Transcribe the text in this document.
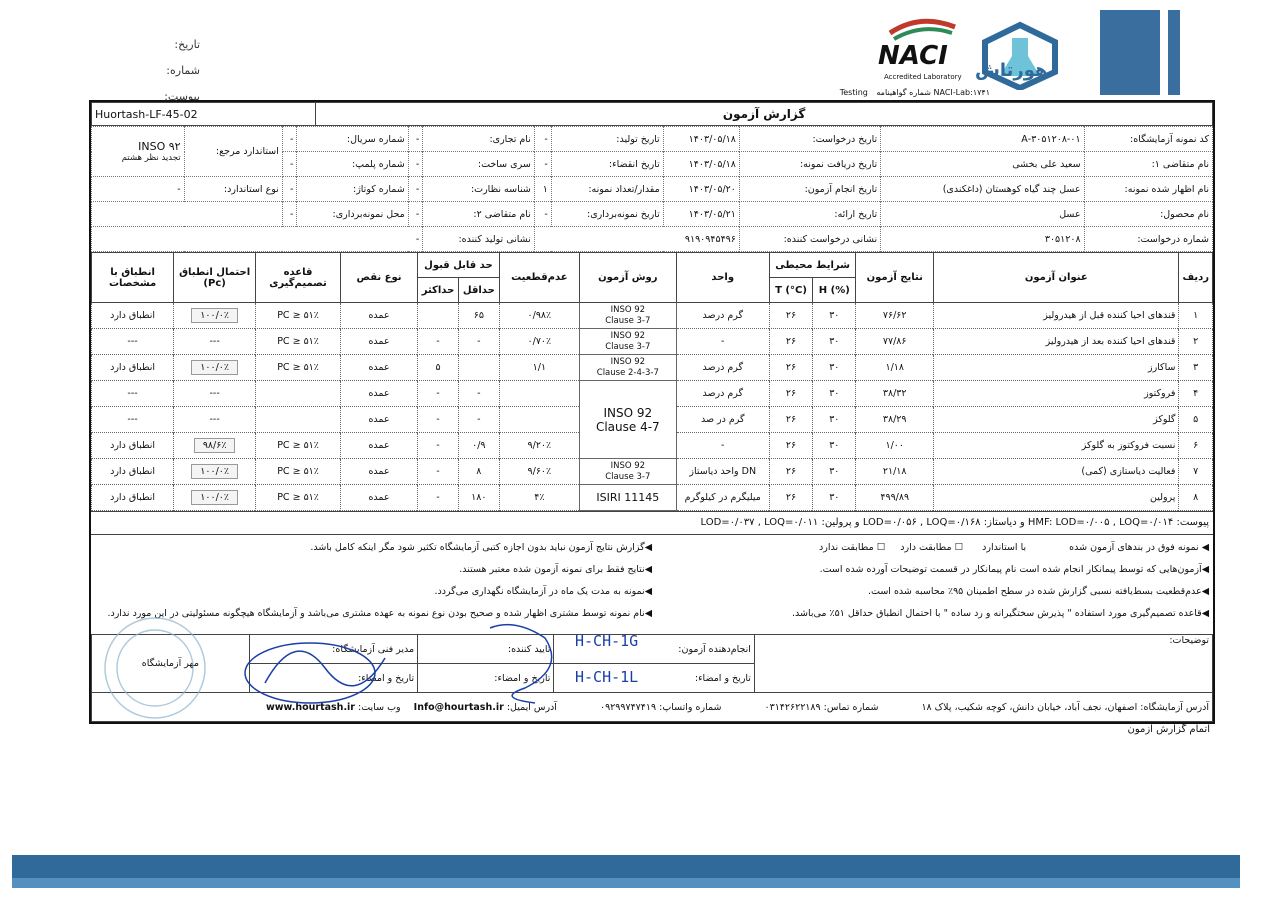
تاریخ:
شماره:
پیوست:
NACI
Accredited Laboratory
NACI-Lab:۱۷۴۱ شماره گواهینامه Testing
هورتاش
گزارش آزمون	Huortash-LF-45-02
کد نمونه آزمایشگاه:	۳۰۵۱۲۰۸-۰۱-A	تاریخ درخواست:	۱۴۰۳/۰۵/۱۸	تاریخ تولید:	-	نام تجاری:	-	شماره سریال:	-	استاندارد مرجع:	INSO ۹۲
تجدید نظر هشتم

نام متقاضی ۱:	سعید علی بخشی	تاریخ دریافت نمونه:	۱۴۰۳/۰۵/۱۸	تاریخ انقضاء:	-	سری ساخت:	-	شماره پلمپ:	-		
نام اظهار شده نمونه:	عسل چند گیاه کوهستان (داغکندی)	تاریخ انجام آزمون:	۱۴۰۳/۰۵/۲۰	مقدار/تعداد نمونه:	۱	شناسه نظارت:	-	شماره کوتاژ:	-	نوع استاندارد:	-
نام محصول:	عسل	تاریخ ارائه:	۱۴۰۳/۰۵/۲۱	تاریخ نمونه‌برداری:	-	نام متقاضی ۲:	-	محل نمونه‌برداری:	-		
شماره درخواست:	۳۰۵۱۲۰۸	نشانی درخواست کننده:	۹۱۹۰۹۴۵۴۹۶			نشانی تولید کننده:	-				
ردیف	عنوان آزمون	نتایج آزمون	شرایط محیطی		واحد	روش آزمون	عدم‌قطعیت	حد قابل قبول		نوع نقص	قاعده تصمیم‌گیری	احتمال انطباق (Pc)	انطباق با مشخصات
			H (%)	T (°C)				حداقل	حداکثر				
۱	قندهای احیا کننده قبل از هیدرولیز	۷۶/۶۲	۳۰	۲۶	گرم درصد	INSO 92
Clause 3-7	۰/۹۸٪	۶۵		عمده	PC ≥ ۵۱٪	۱۰۰/۰٪	انطباق دارد
۲	قندهای احیا کننده بعد از هیدرولیز	۷۷/۸۶	۳۰	۲۶	-	INSO 92
Clause 3-7	۰/۷۰٪	-	-	عمده	PC ≥ ۵۱٪	---	---
۳	ساکارز	۱/۱۸	۳۰	۲۶	گرم درصد	INSO 92
Clause 2-4-3-7	۱/۱		۵	عمده	PC ≥ ۵۱٪	۱۰۰/۰٪	انطباق دارد
۴	فروکتوز	۳۸/۳۲	۳۰	۲۶	گرم درصد	INSO 92
Clause 4-7		-	-	عمده		---	---
۵	گلوکز	۳۸/۲۹	۳۰	۲۶	گرم در صد			-	-	عمده		---	---
۶	نسبت فروکتوز به گلوکز	۱/۰۰	۳۰	۲۶	-		۹/۲۰٪	۰/۹	-	عمده	PC ≥ ۵۱٪	۹۸/۶٪	انطباق دارد
۷	فعالیت دیاستازی (کمی)	۲۱/۱۸	۳۰	۲۶	DN واحد دیاستاز	INSO 92
Clause 3-7	۹/۶۰٪	۸	-	عمده	PC ≥ ۵۱٪	۱۰۰/۰٪	انطباق دارد
۸	پرولین	۴۹۹/۸۹	۳۰	۲۶	میلیگرم در کیلوگرم	ISIRI 11145	۴٪	۱۸۰	-	عمده	PC ≥ ۵۱٪	۱۰۰/۰٪	انطباق دارد
پیوست: HMF: LOD=۰/۰۰۵ , LOQ=۰/۰۱۴ و دیاستاز: LOD=۰/۰۵۶ , LOQ=۰/۱۶۸ و پرولین: LOD=۰/۰۳۷ , LOQ=۰/۰۱۱
◀ نمونه فوق در بندهای آزمون شده با استاندارد ☐ مطابقت دارد ☐ مطابقت ندارد
◀آزمون‌هایی که توسط پیمانکار انجام شده است نام پیمانکار در قسمت توضیحات آورده شده است.
◀عدم‌قطعیت بسط‌یافته نسبی گزارش شده در سطح اطمینان ۹۵٪ محاسبه شده است.
◀قاعده تصمیم‌گیری مورد استفاده " پذیرش سختگیرانه و رد ساده " با احتمال انطباق حداقل ۵۱٪ می‌باشد.
◀گزارش نتایج آزمون نباید بدون اجازه کتبی آزمایشگاه تکثیر شود مگر اینکه کامل باشد.
◀نتایج فقط برای نمونه آزمون شده معتبر هستند.
◀نمونه به مدت یک ماه در آزمایشگاه نگهداری می‌گردد.
◀نام نمونه توسط مشتری اظهار شده و صحیح بودن نوع نمونه به عهده مشتری می‌باشد و آزمایشگاه هیچگونه مسئولیتی در این مورد ندارد.
توضیحات:	انجام‌دهنده آزمون:	تایید کننده:	مدیر فنی آزمایشگاه:	مهر آزمایشگاه
	تاریخ و امضاء:	تاریخ و امضاء:	تاریخ و امضاء:	
آدرس آزمایشگاه: اصفهان، نجف آباد، خیابان دانش، کوچه شکیب، پلاک ۱۸ شماره تماس: ۰۳۱۴۲۶۲۲۱۸۹ شماره واتساپ: ۰۹۲۹۹۷۴۷۴۱۹ آدرس ایمیل: Info@hourtash.ir وب سایت: www.hourtash.ir				
H-CH-1G
H-CH-1L
اتمام گزارش آزمون
